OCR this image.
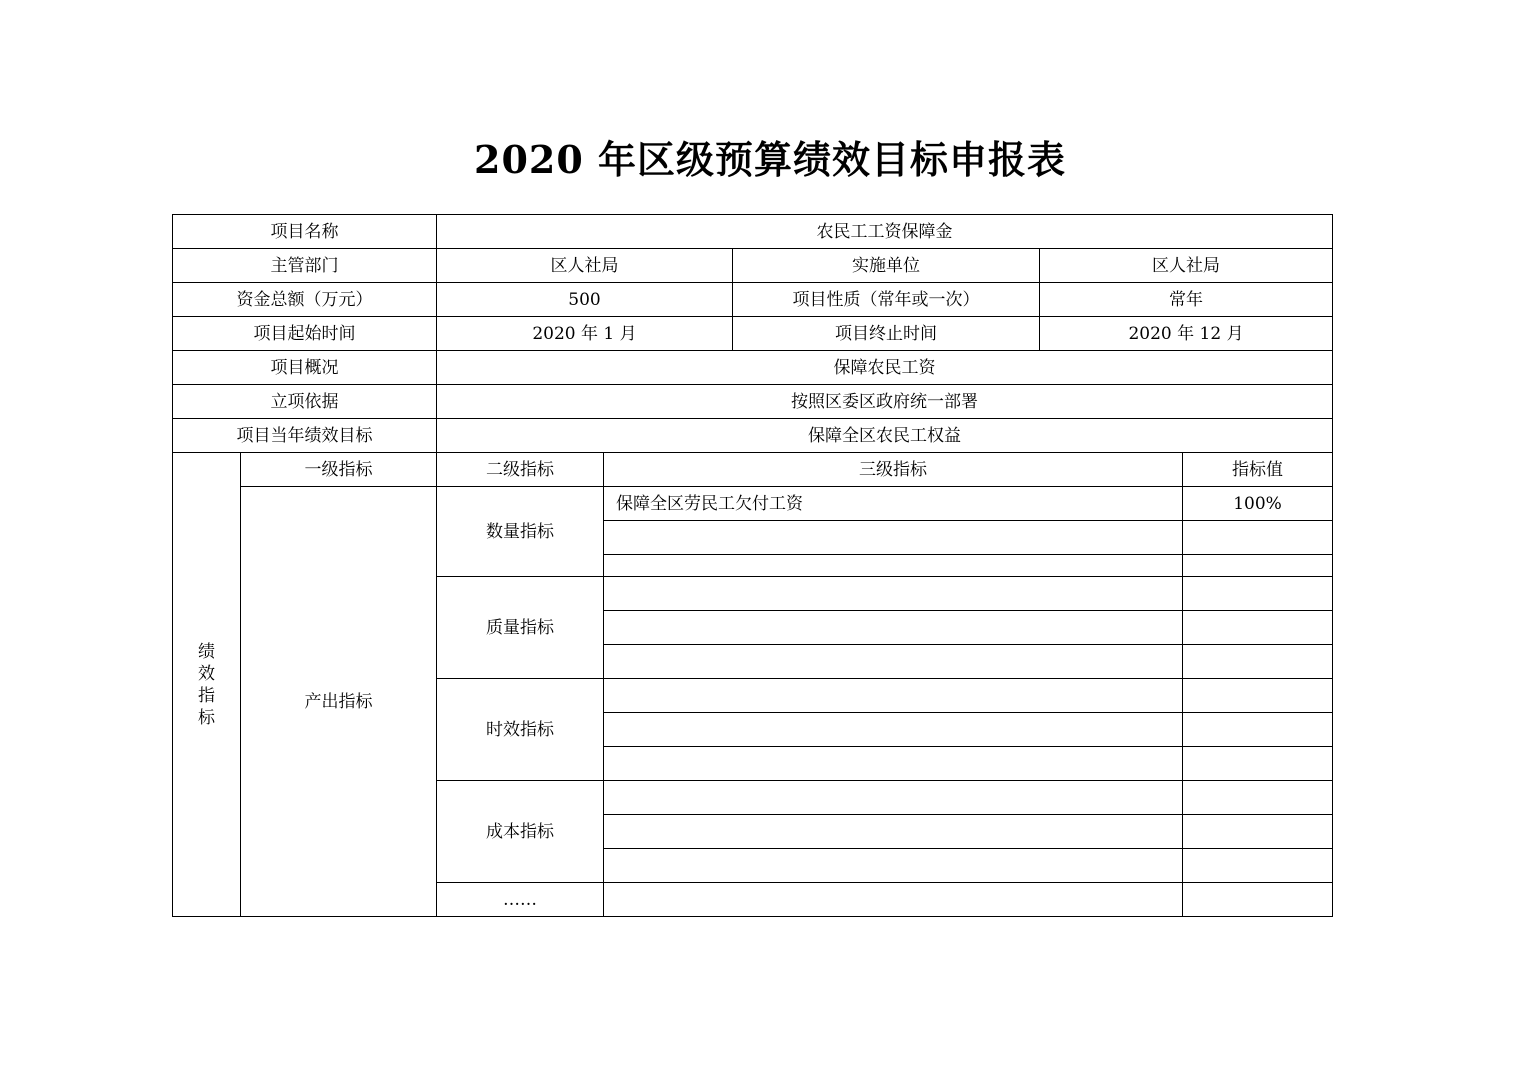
2020 年区级预算绩效目标申报表
项目名称		农民工工资保障金				
主管部门		区人社局		实施单位	区人社局	
资金总额（万元）		500		项目性质（常年或一次）	常年	
项目起始时间		2020 年 1 月		项目终止时间	2020 年 12 月	
项目概况		保障农民工资				
立项依据		按照区委区政府统一部署				
项目当年绩效目标		保障全区农民工权益				
绩效指标	一级指标	二级指标	三级指标			指标值
	产出指标	数量指标	保障全区劳民工欠付工资			100%

		质量指标				

		时效指标				

		成本指标				

		……				
